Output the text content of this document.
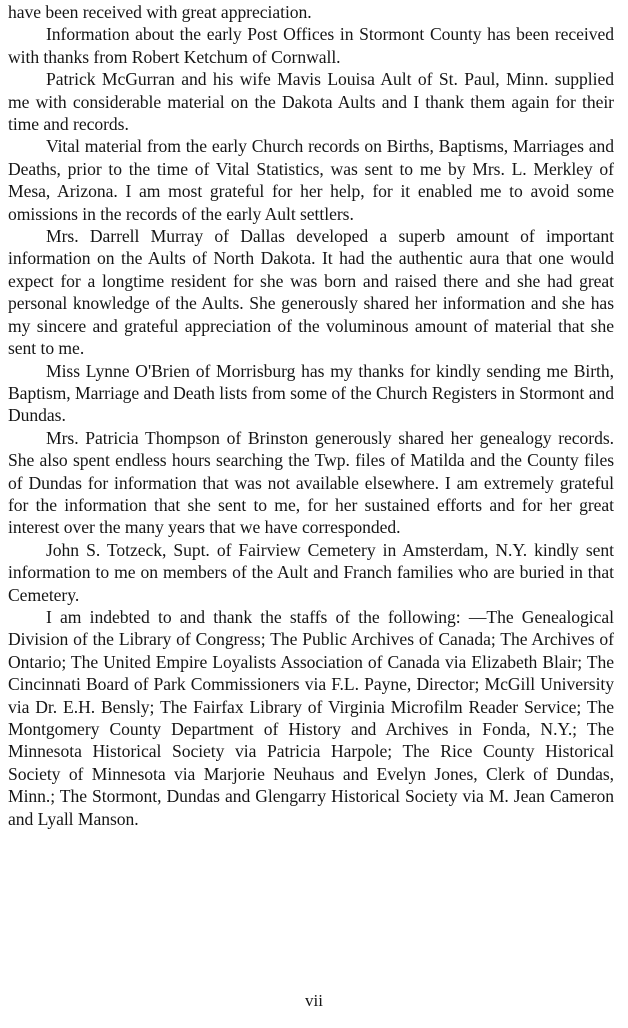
have been received with great appreciation.

Information about the early Post Offices in Stormont County has been received with thanks from Robert Ketchum of Cornwall.

Patrick McGurran and his wife Mavis Louisa Ault of St. Paul, Minn. supplied me with considerable material on the Dakota Aults and I thank them again for their time and records.

Vital material from the early Church records on Births, Baptisms, Marriages and Deaths, prior to the time of Vital Statistics, was sent to me by Mrs. L. Merkley of Mesa, Arizona. I am most grateful for her help, for it enabled me to avoid some omissions in the records of the early Ault settlers.

Mrs. Darrell Murray of Dallas developed a superb amount of important information on the Aults of North Dakota. It had the authentic aura that one would expect for a longtime resident for she was born and raised there and she had great personal knowledge of the Aults. She generously shared her information and she has my sincere and grateful appreciation of the voluminous amount of material that she sent to me.

Miss Lynne O'Brien of Morrisburg has my thanks for kindly sending me Birth, Baptism, Marriage and Death lists from some of the Church Registers in Stormont and Dundas.

Mrs. Patricia Thompson of Brinston generously shared her genealogy records. She also spent endless hours searching the Twp. files of Matilda and the County files of Dundas for information that was not available elsewhere. I am extremely grateful for the information that she sent to me, for her sustained efforts and for her great interest over the many years that we have corresponded.

John S. Totzeck, Supt. of Fairview Cemetery in Amsterdam, N.Y. kindly sent information to me on members of the Ault and Franch families who are buried in that Cemetery.

I am indebted to and thank the staffs of the following: —The Genealogical Division of the Library of Congress; The Public Archives of Canada; The Archives of Ontario; The United Empire Loyalists Association of Canada via Elizabeth Blair; The Cincinnati Board of Park Commissioners via F.L. Payne, Director; McGill University via Dr. E.H. Bensly; The Fairfax Library of Virginia Microfilm Reader Service; The Montgomery County Department of History and Archives in Fonda, N.Y.; The Minnesota Historical Society via Patricia Harpole; The Rice County Historical Society of Minnesota via Marjorie Neuhaus and Evelyn Jones, Clerk of Dundas, Minn.; The Stormont, Dundas and Glengarry Historical Society via M. Jean Cameron and Lyall Manson.

vii
